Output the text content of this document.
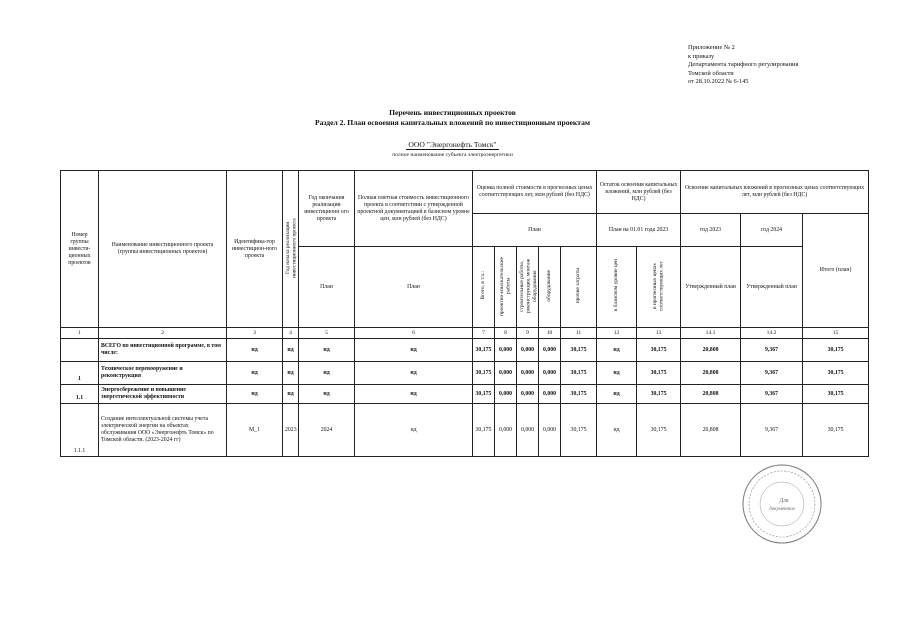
Приложение № 2
к приказу
Департамента тарифного регулирования
Томской области
от 28.10.2022 № 6-145
Перечень инвестиционных проектов
Раздел 2. План освоения капитальных вложений по инвестиционным проектам
ООО "Энергонефть Томск"
полное наименование субъекта электроэнергетики
Номер группы инвести-ционных проектов	Наименование инвестиционного проекта (группы инвестиционных проектов)	Идентифика-тор инвестицион-ного проекта	Год начала реализации инвестиционного проекта	Год окончания реализации инвестиционн ого проекта	Полная сметная стоимость инвестиционного проекта в соответствии с утвержденной проектной документацией в базисном уровне цен, млн рублей (без НДС)	Оценка полной стоимости в прогнозных ценах соответствующих лет, млн рублей (без НДС)					Остаток освоения капитальных вложений, млн рублей (без НДС)		Освоение капитальных вложений в прогнозных ценах соответствующих лет, млн рублей (без НДС)		
						План					План на 01.01 года 2023		год 2023	год 2024	Итого (план)
				План	План	Всего, в т.ч.:	проектно-изыскательские работы	строительные работы, реконструкция, монтаж оборудования	оборудование	прочие затраты	в базисном уровне цен	в прогнозных ценах соответствующих лет	Утвержденный план	Утвержденный план	
1	2	3	4	5	6	7	8	9	10	11	12	13	14.1	14.2	15
	ВСЕГО по инвестиционной программе, в том числе:	нд	нд	нд	нд	30,175	0,000	0,000	0,000	30,175	нд	30,175	20,808	9,367	30,175
1	Техническое перевооружение и реконструкция	нд	нд	нд	нд	30,175	0,000	0,000	0,000	30,175	нд	30,175	20,808	9,367	30,175
1.1	Энергосбережение и повышение энергетической эффективности	нд	нд	нд	нд	30,175	0,000	0,000	0,000	30,175	нд	30,175	20,808	9,367	30,175
1.1.1	Создание интеллектуальной системы учета электрической энергии на объектах обслуживания ООО «Энергонефть Томск» по Томской области. (2023-2024 гг)	M_1	2023	2024	нд	30,175	0,000	0,000	0,000	30,175	нд	30,175	20,808	9,367	30,175
Для
документов
